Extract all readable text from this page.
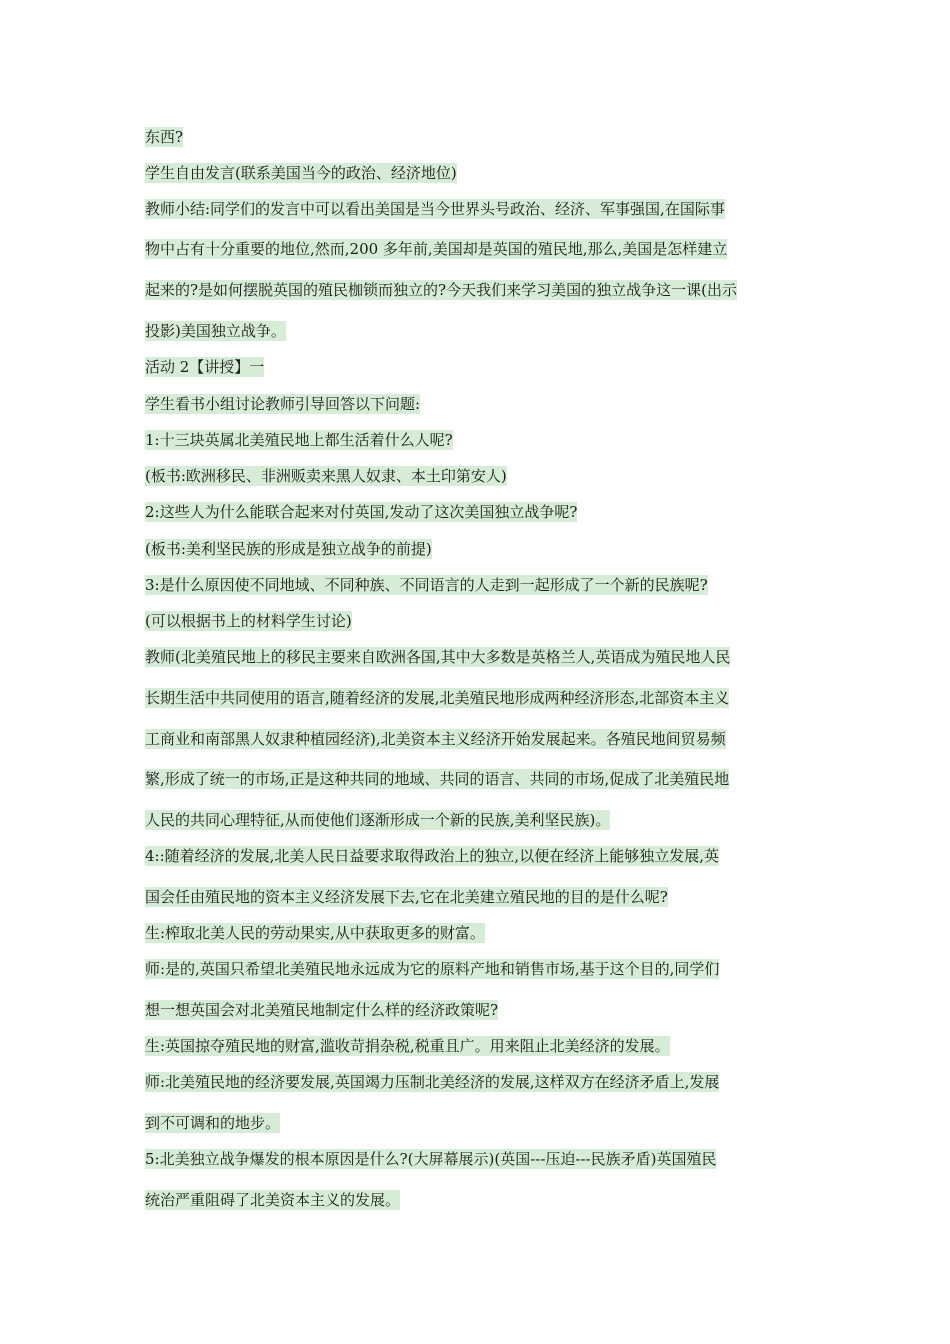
东西?
学生自由发言(联系美国当今的政治、经济地位)
教师小结:同学们的发言中可以看出美国是当今世界头号政治、经济、军事强国,在国际事
物中占有十分重要的地位,然而,200 多年前,美国却是英国的殖民地,那么,美国是怎样建立
起来的?是如何摆脱英国的殖民枷锁而独立的?今天我们来学习美国的独立战争这一课(出示
投影)美国独立战争。
活动 2【讲授】一
学生看书小组讨论教师引导回答以下问题:
1:十三块英属北美殖民地上都生活着什么人呢?
(板书:欧洲移民、非洲贩卖来黑人奴隶、本土印第安人)
2:这些人为什么能联合起来对付英国,发动了这次美国独立战争呢?
(板书:美利坚民族的形成是独立战争的前提)
3:是什么原因使不同地域、不同种族、不同语言的人走到一起形成了一个新的民族呢?
(可以根据书上的材料学生讨论)
教师(北美殖民地上的移民主要来自欧洲各国,其中大多数是英格兰人,英语成为殖民地人民
长期生活中共同使用的语言,随着经济的发展,北美殖民地形成两种经济形态,北部资本主义
工商业和南部黑人奴隶种植园经济),北美资本主义经济开始发展起来。各殖民地间贸易频
繁,形成了统一的市场,正是这种共同的地域、共同的语言、共同的市场,促成了北美殖民地
人民的共同心理特征,从而使他们逐渐形成一个新的民族,美利坚民族)。
4::随着经济的发展,北美人民日益要求取得政治上的独立,以便在经济上能够独立发展,英
国会任由殖民地的资本主义经济发展下去,它在北美建立殖民地的目的是什么呢?
生:榨取北美人民的劳动果实,从中获取更多的财富。
师:是的,英国只希望北美殖民地永远成为它的原料产地和销售市场,基于这个目的,同学们
想一想英国会对北美殖民地制定什么样的经济政策呢?
生:英国掠夺殖民地的财富,滥收苛捐杂税,税重且广。用来阻止北美经济的发展。
师:北美殖民地的经济要发展,英国竭力压制北美经济的发展,这样双方在经济矛盾上,发展
到不可调和的地步。
5:北美独立战争爆发的根本原因是什么?(大屏幕展示)(英国---压迫---民族矛盾)英国殖民
统治严重阻碍了北美资本主义的发展。
